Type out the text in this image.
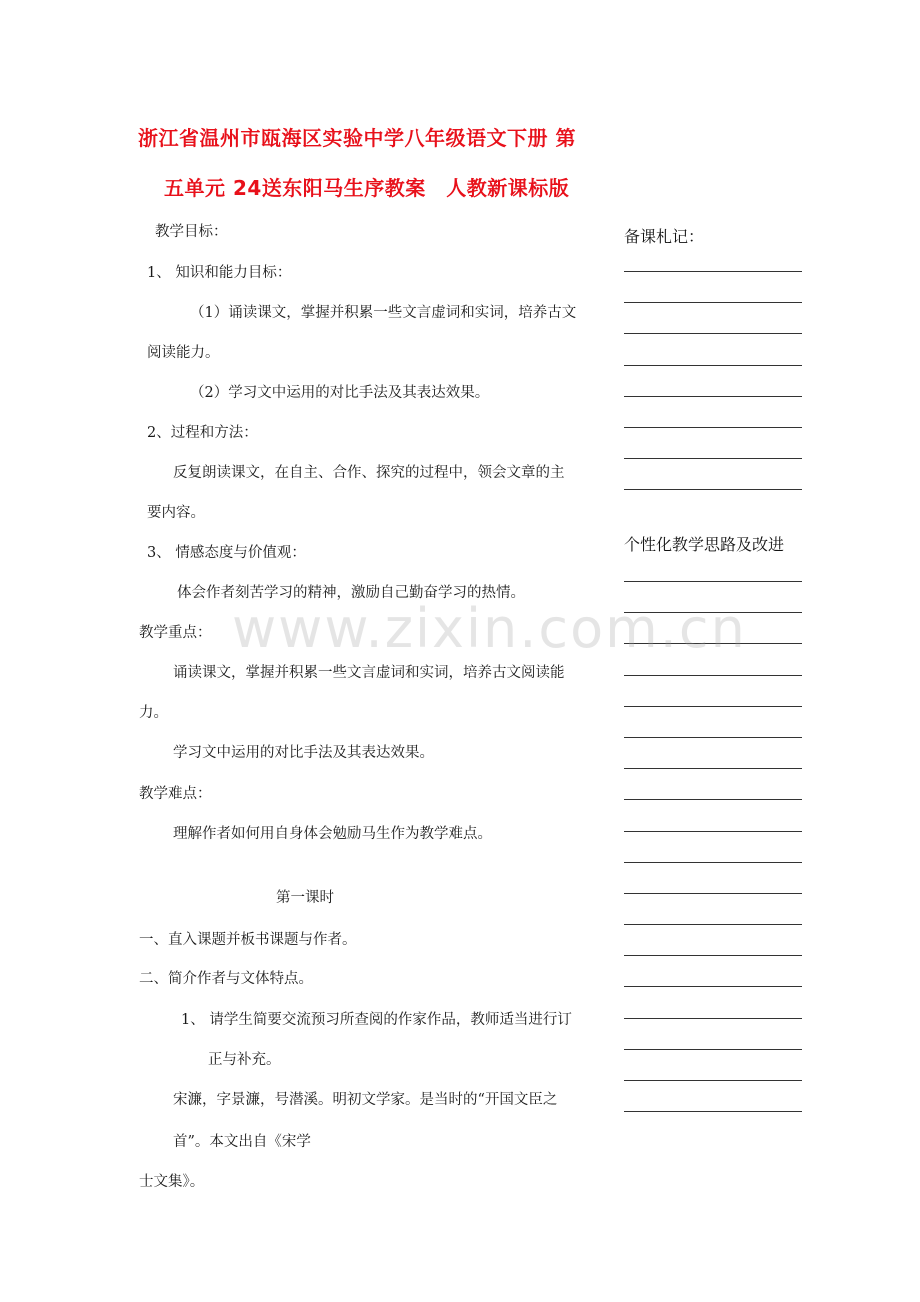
浙江省温州市瓯海区实验中学八年级语文下册 第
五单元 24送东阳马生序教案　人教新课标版
教学目标：
1、 知识和能力目标：
（1）诵读课文，掌握并积累一些文言虚词和实词，培养古文
阅读能力。
（2）学习文中运用的对比手法及其表达效果。
2、过程和方法：
反复朗读课文，在自主、合作、探究的过程中，领会文章的主
要内容。
3、 情感态度与价值观：
体会作者刻苦学习的精神，激励自己勤奋学习的热情。
教学重点：
诵读课文，掌握并积累一些文言虚词和实词，培养古文阅读能
力。
学习文中运用的对比手法及其表达效果。
教学难点：
理解作者如何用自身体会勉励马生作为教学难点。
第一课时
一、直入课题并板书课题与作者。
二、简介作者与文体特点。
1、 请学生简要交流预习所查阅的作家作品，教师适当进行订
正与补充。
宋濂，字景濂，号潜溪。明初文学家。是当时的“开国文臣之
首”。本文出自《宋学
士文集》。
备课札记：
个性化教学思路及改进
www.zixin.com.cn
